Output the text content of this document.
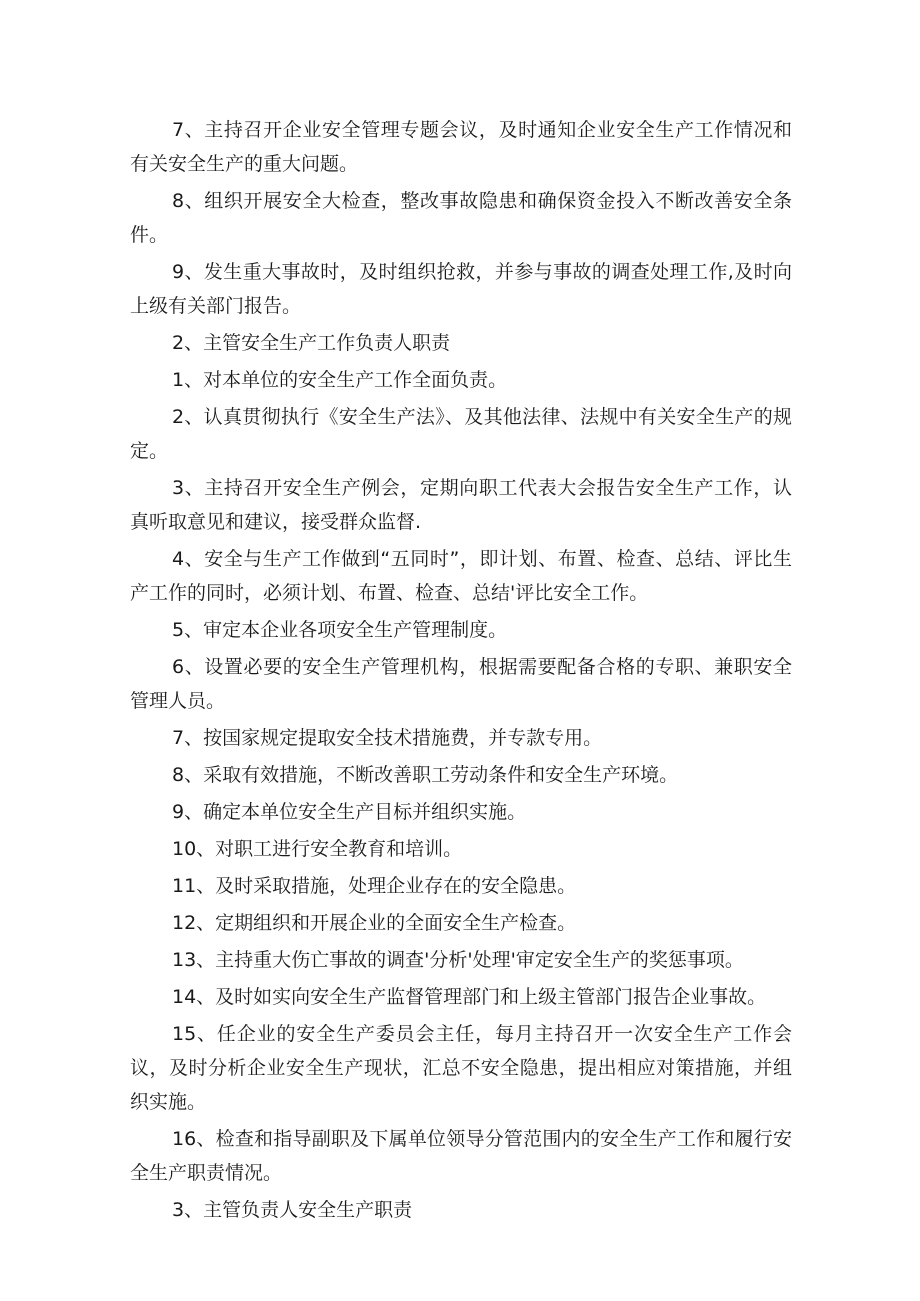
7、主持召开企业安全管理专题会议，及时通知企业安全生产工作情况和有关安全生产的重大问题。

8、组织开展安全大检查，整改事故隐患和确保资金投入不断改善安全条件。

9、发生重大事故时，及时组织抢救，并参与事故的调查处理工作,及时向上级有关部门报告。

2、主管安全生产工作负责人职责

1、对本单位的安全生产工作全面负责。

2、认真贯彻执行《安全生产法》、及其他法律、法规中有关安全生产的规定。

3、主持召开安全生产例会，定期向职工代表大会报告安全生产工作，认真听取意见和建议，接受群众监督.

4、安全与生产工作做到“五同时”，即计划、布置、检查、总结、评比生产工作的同时，必须计划、布置、检查、总结'评比安全工作。

5、审定本企业各项安全生产管理制度。

6、设置必要的安全生产管理机构，根据需要配备合格的专职、兼职安全管理人员。

7、按国家规定提取安全技术措施费，并专款专用。

8、采取有效措施，不断改善职工劳动条件和安全生产环境。

9、确定本单位安全生产目标并组织实施。

10、对职工进行安全教育和培训。

11、及时采取措施，处理企业存在的安全隐患。

12、定期组织和开展企业的全面安全生产检查。

13、主持重大伤亡事故的调查'分析'处理'审定安全生产的奖惩事项。

14、及时如实向安全生产监督管理部门和上级主管部门报告企业事故。

15、任企业的安全生产委员会主任，每月主持召开一次安全生产工作会议，及时分析企业安全生产现状，汇总不安全隐患，提出相应对策措施，并组织实施。

16、检查和指导副职及下属单位领导分管范围内的安全生产工作和履行安全生产职责情况。

3、主管负责人安全生产职责
